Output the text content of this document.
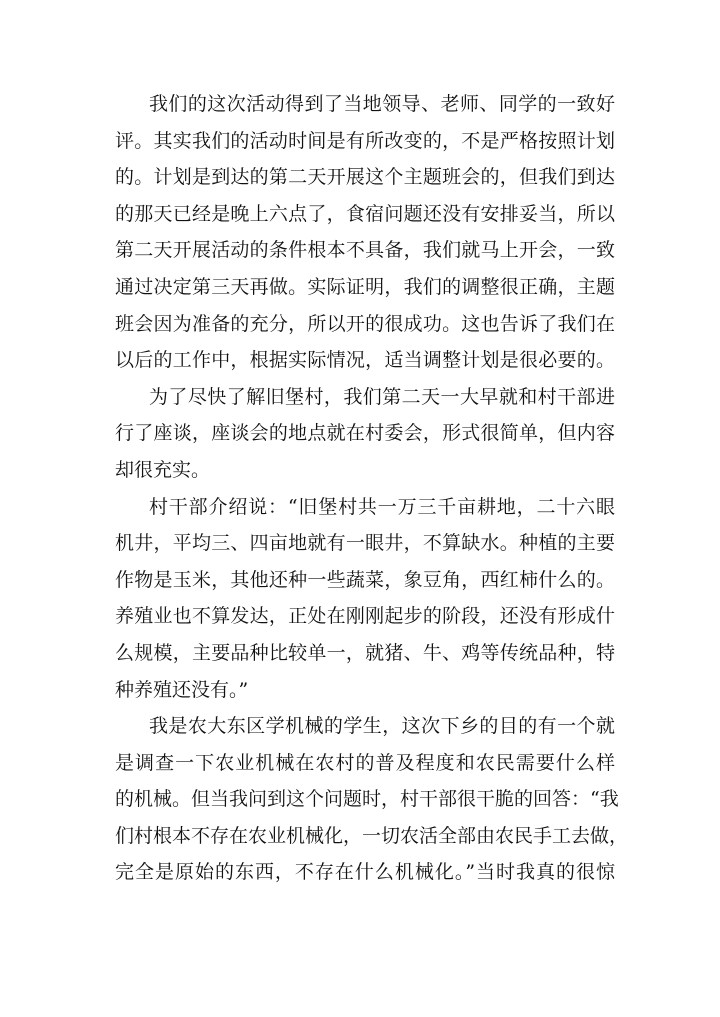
我们的这次活动得到了当地领导、老师、同学的一致好
评。其实我们的活动时间是有所改变的，不是严格按照计划
的。计划是到达的第二天开展这个主题班会的，但我们到达
的那天已经是晚上六点了，食宿问题还没有安排妥当，所以
第二天开展活动的条件根本不具备，我们就马上开会，一致
通过决定第三天再做。实际证明，我们的调整很正确，主题
班会因为准备的充分，所以开的很成功。这也告诉了我们在
以后的工作中，根据实际情况，适当调整计划是很必要的。
为了尽快了解旧堡村，我们第二天一大早就和村干部进
行了座谈，座谈会的地点就在村委会，形式很简单，但内容
却很充实。
村干部介绍说：“旧堡村共一万三千亩耕地，二十六眼
机井，平均三、四亩地就有一眼井，不算缺水。种植的主要
作物是玉米，其他还种一些蔬菜，象豆角，西红柿什么的。
养殖业也不算发达，正处在刚刚起步的阶段，还没有形成什
么规模，主要品种比较单一，就猪、牛、鸡等传统品种，特
种养殖还没有。”
我是农大东区学机械的学生，这次下乡的目的有一个就
是调查一下农业机械在农村的普及程度和农民需要什么样
的机械。但当我问到这个问题时，村干部很干脆的回答：“我
们村根本不存在农业机械化，一切农活全部由农民手工去做，
完全是原始的东西，不存在什么机械化。”当时我真的很惊
